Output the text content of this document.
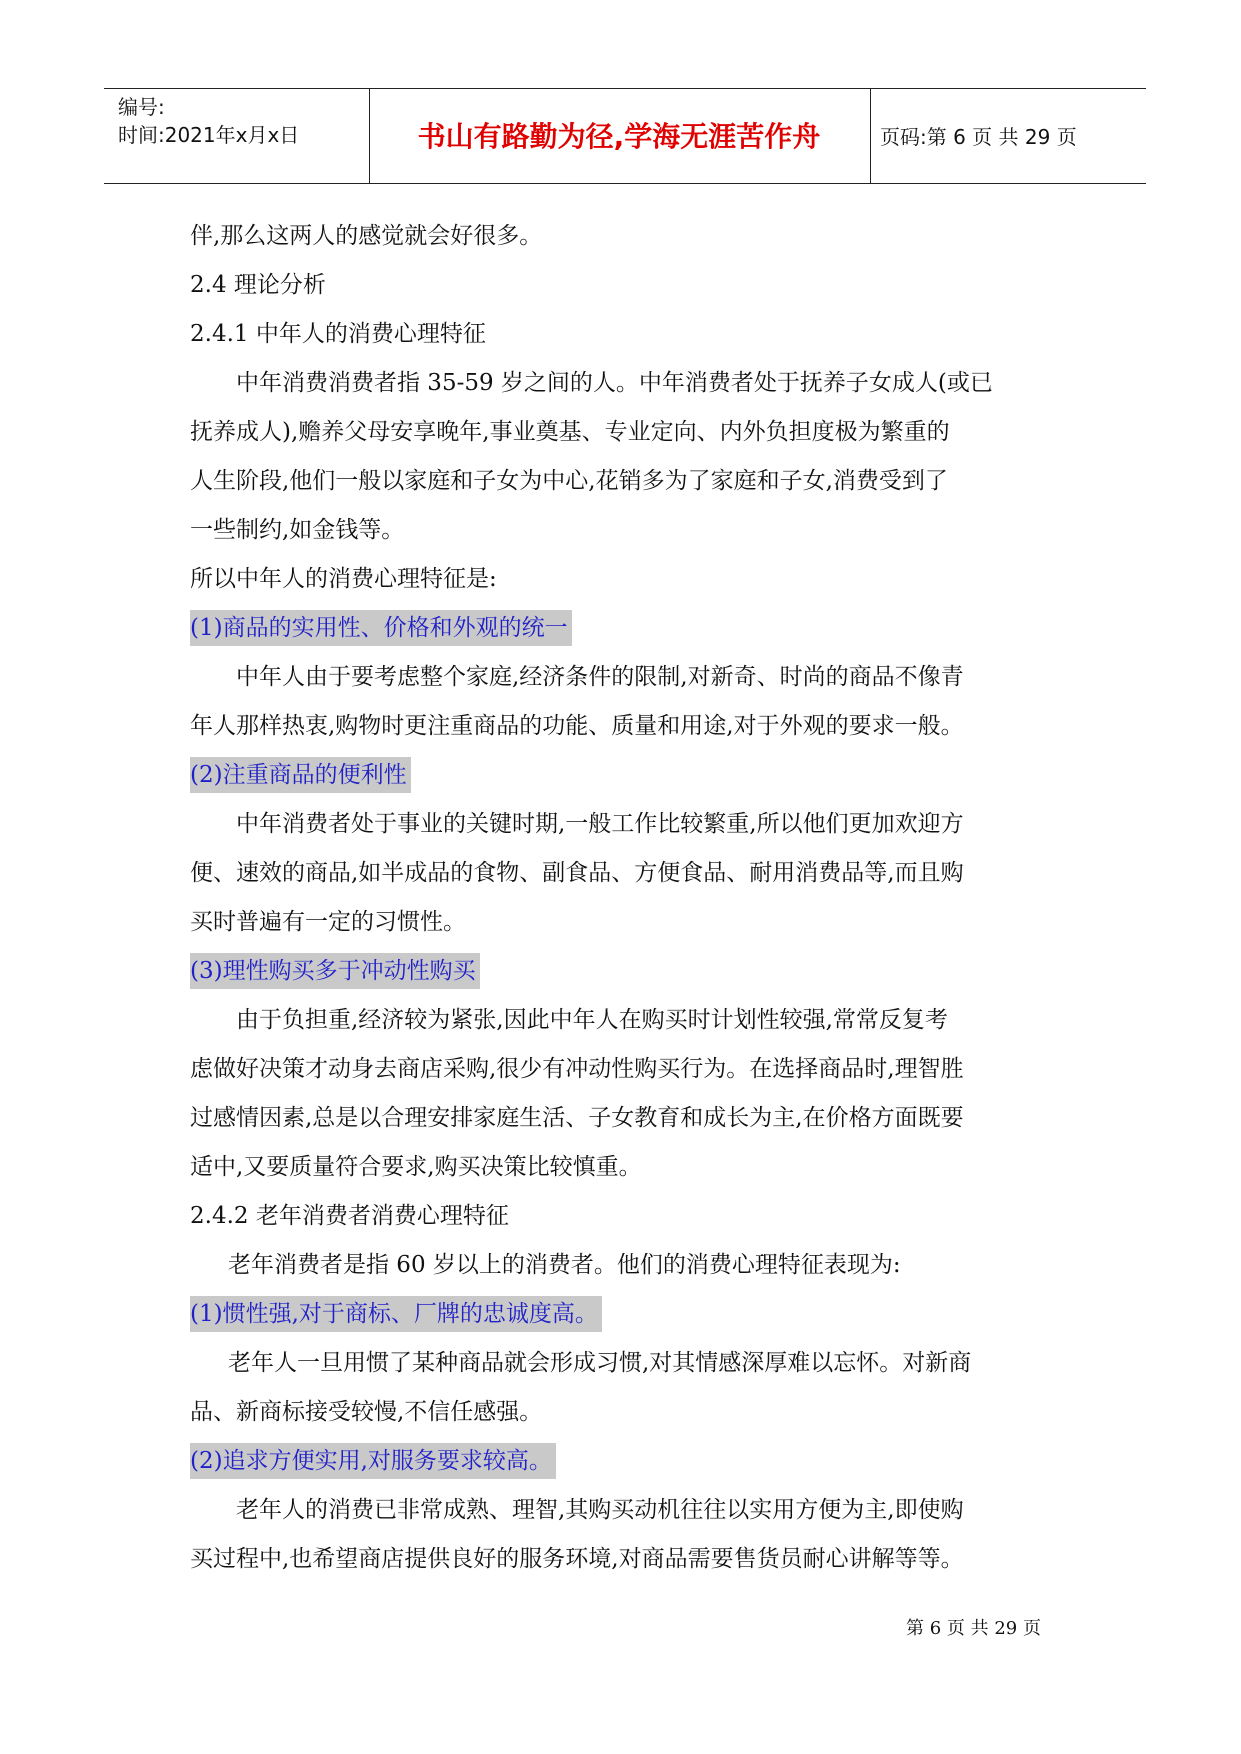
编号:
时间:2021年x月x日	书山有路勤为径,学海无涯苦作舟	页码:第 6 页 共 29 页

伴,那么这两人的感觉就会好很多。

2.4 理论分析

2.4.1 中年人的消费心理特征

中年消费消费者指 35-59 岁之间的人。中年消费者处于抚养子女成人(或已

抚养成人),赡养父母安享晚年,事业奠基、专业定向、内外负担度极为繁重的

人生阶段,他们一般以家庭和子女为中心,花销多为了家庭和子女,消费受到了

一些制约,如金钱等。

所以中年人的消费心理特征是:

(1)商品的实用性、价格和外观的统一

中年人由于要考虑整个家庭,经济条件的限制,对新奇、时尚的商品不像青

年人那样热衷,购物时更注重商品的功能、质量和用途,对于外观的要求一般。

(2)注重商品的便利性

中年消费者处于事业的关键时期,一般工作比较繁重,所以他们更加欢迎方

便、速效的商品,如半成品的食物、副食品、方便食品、耐用消费品等,而且购

买时普遍有一定的习惯性。

(3)理性购买多于冲动性购买

由于负担重,经济较为紧张,因此中年人在购买时计划性较强,常常反复考

虑做好决策才动身去商店采购,很少有冲动性购买行为。在选择商品时,理智胜

过感情因素,总是以合理安排家庭生活、子女教育和成长为主,在价格方面既要

适中,又要质量符合要求,购买决策比较慎重。

2.4.2 老年消费者消费心理特征

老年消费者是指 60 岁以上的消费者。他们的消费心理特征表现为:

(1)惯性强,对于商标、厂牌的忠诚度高。

老年人一旦用惯了某种商品就会形成习惯,对其情感深厚难以忘怀。对新商

品、新商标接受较慢,不信任感强。

(2)追求方便实用,对服务要求较高。

老年人的消费已非常成熟、理智,其购买动机往往以实用方便为主,即使购

买过程中,也希望商店提供良好的服务环境,对商品需要售货员耐心讲解等等。

第 6 页 共 29 页
